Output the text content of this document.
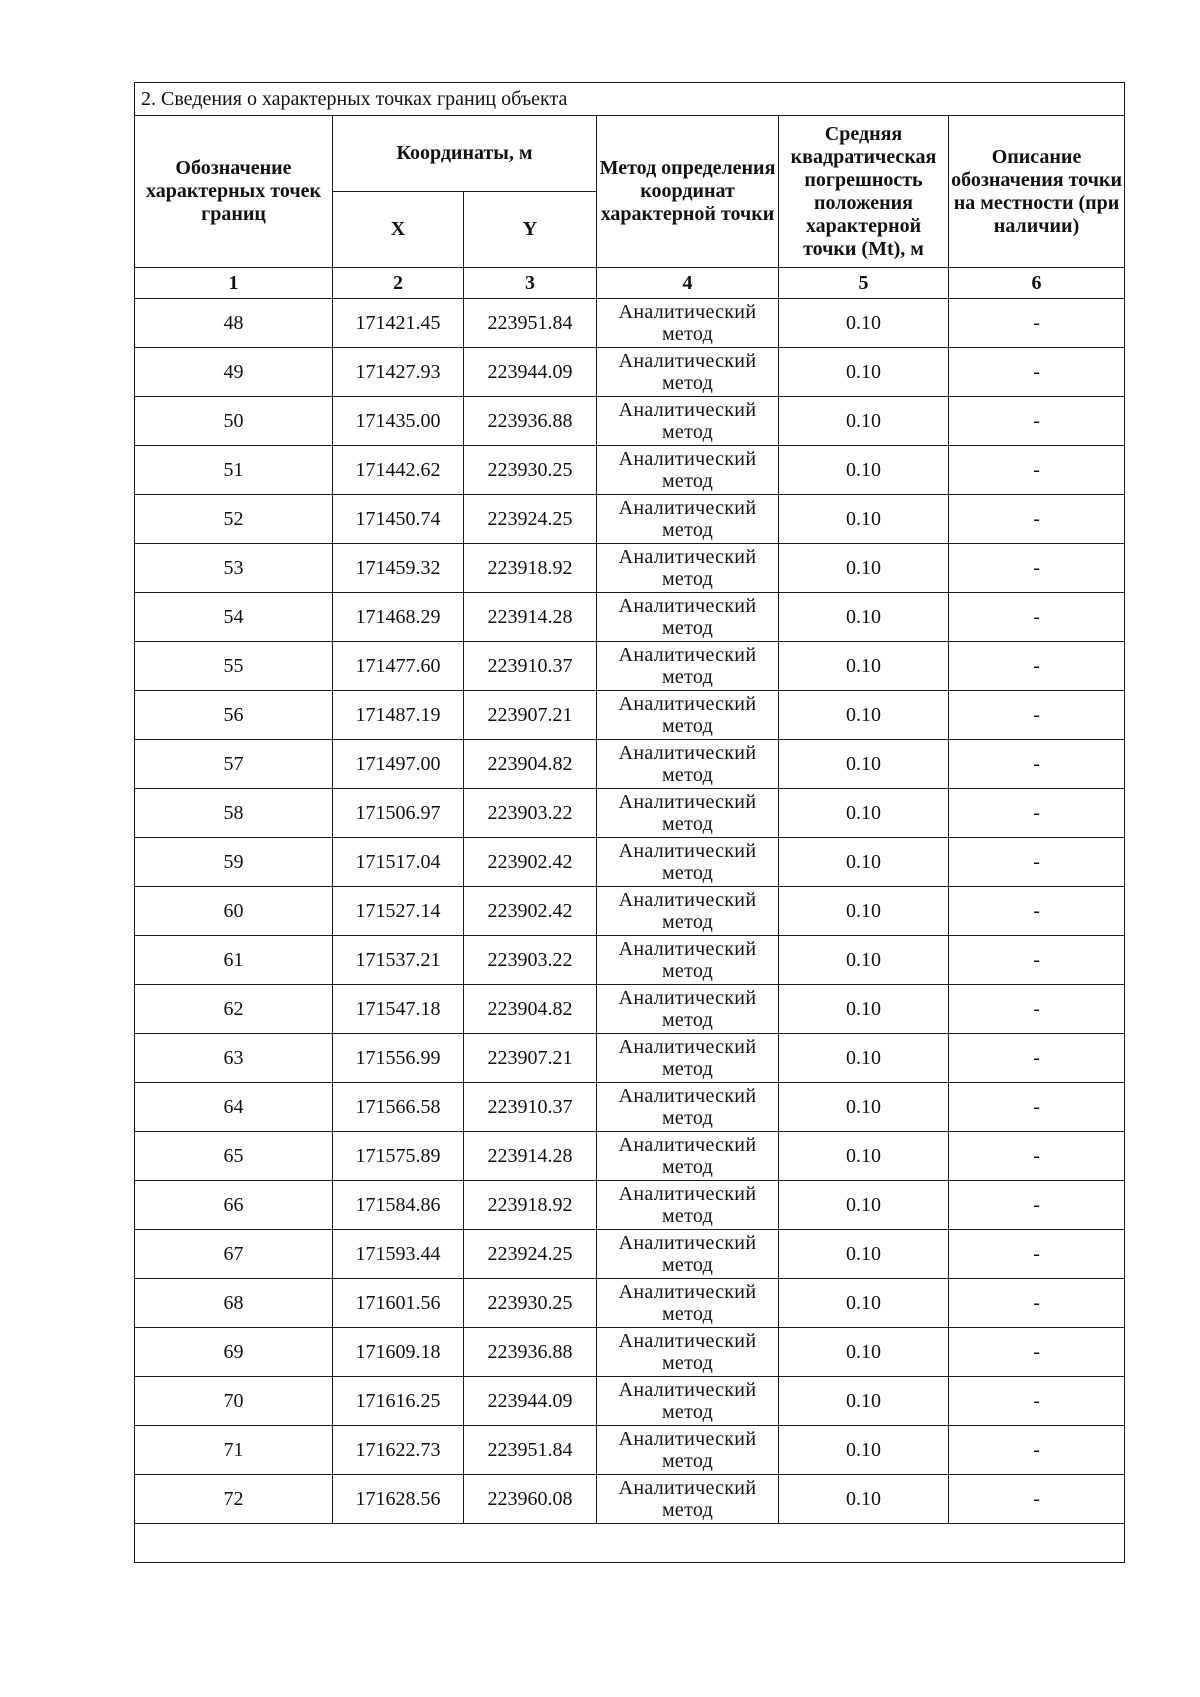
2. Сведения о характерных точках границ объекта					
Обозначение характерных точек границ	Координаты, м		Метод определения координат характерной точки	Средняя квадратическая погрешность положения характерной точки (Mt), м	Описание обозначения точки на местности (при наличии)
	X	Y			
1	2	3	4	5	6
48	171421.45	223951.84	Аналитический метод	0.10	-
49	171427.93	223944.09	Аналитический метод	0.10	-
50	171435.00	223936.88	Аналитический метод	0.10	-
51	171442.62	223930.25	Аналитический метод	0.10	-
52	171450.74	223924.25	Аналитический метод	0.10	-
53	171459.32	223918.92	Аналитический метод	0.10	-
54	171468.29	223914.28	Аналитический метод	0.10	-
55	171477.60	223910.37	Аналитический метод	0.10	-
56	171487.19	223907.21	Аналитический метод	0.10	-
57	171497.00	223904.82	Аналитический метод	0.10	-
58	171506.97	223903.22	Аналитический метод	0.10	-
59	171517.04	223902.42	Аналитический метод	0.10	-
60	171527.14	223902.42	Аналитический метод	0.10	-
61	171537.21	223903.22	Аналитический метод	0.10	-
62	171547.18	223904.82	Аналитический метод	0.10	-
63	171556.99	223907.21	Аналитический метод	0.10	-
64	171566.58	223910.37	Аналитический метод	0.10	-
65	171575.89	223914.28	Аналитический метод	0.10	-
66	171584.86	223918.92	Аналитический метод	0.10	-
67	171593.44	223924.25	Аналитический метод	0.10	-
68	171601.56	223930.25	Аналитический метод	0.10	-
69	171609.18	223936.88	Аналитический метод	0.10	-
70	171616.25	223944.09	Аналитический метод	0.10	-
71	171622.73	223951.84	Аналитический метод	0.10	-
72	171628.56	223960.08	Аналитический метод	0.10	-
